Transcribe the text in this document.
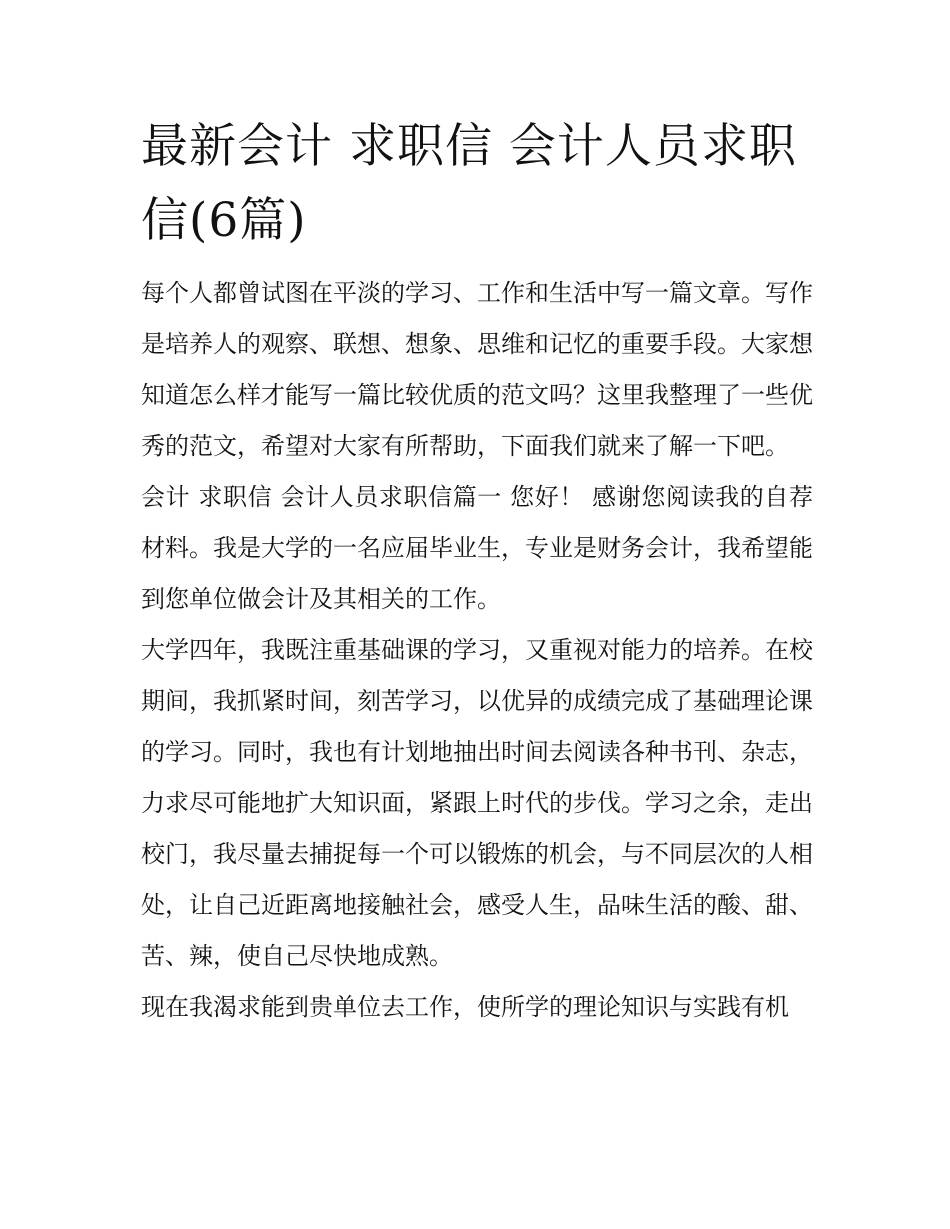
最新会计 求职信 会计人员求职信(6篇)

每个人都曾试图在平淡的学习、工作和生活中写一篇文章。写作是培养人的观察、联想、想象、思维和记忆的重要手段。大家想知道怎么样才能写一篇比较优质的范文吗？这里我整理了一些优秀的范文，希望对大家有所帮助，下面我们就来了解一下吧。

会计 求职信 会计人员求职信篇一 您好！ 感谢您阅读我的自荐材料。我是大学的一名应届毕业生，专业是财务会计，我希望能到您单位做会计及其相关的工作。

大学四年，我既注重基础课的学习，又重视对能力的培养。在校期间，我抓紧时间，刻苦学习，以优异的成绩完成了基础理论课的学习。同时，我也有计划地抽出时间去阅读各种书刊、杂志，力求尽可能地扩大知识面，紧跟上时代的步伐。学习之余，走出校门，我尽量去捕捉每一个可以锻炼的机会，与不同层次的人相处，让自己近距离地接触社会，感受人生，品味生活的酸、甜、苦、辣，使自己尽快地成熟。

现在我渴求能到贵单位去工作，使所学的理论知识与实践有机
